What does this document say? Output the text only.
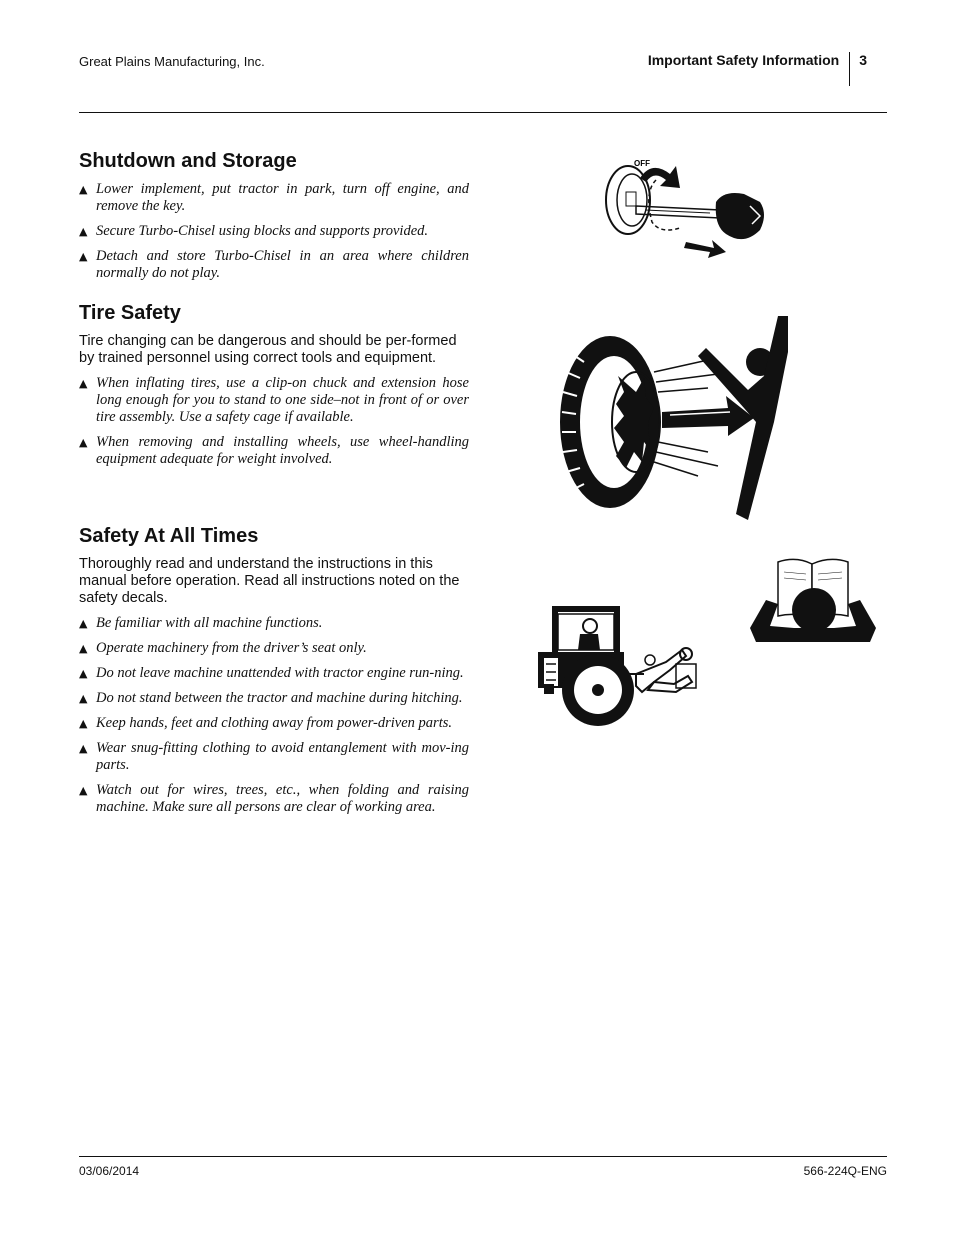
Great Plains Manufacturing, Inc.	Important Safety Information 3
Shutdown and Storage
▲ Lower implement, put tractor in park, turn off engine, and remove the key.
▲ Secure Turbo-Chisel using blocks and supports provided.
▲ Detach and store Turbo-Chisel in an area where children normally do not play.
Tire Safety

Tire changing can be dangerous and should be per-formed by trained personnel using correct tools and equipment.

▲ When inflating tires, use a clip-on chuck and extension hose long enough for you to stand to one side–not in front of or over tire assembly. Use a safety cage if available.
▲ When removing and installing wheels, use wheel-handling equipment adequate for weight involved.
Safety At All Times

Thoroughly read and understand the instructions in this manual before operation. Read all instructions noted on the safety decals.

▲ Be familiar with all machine functions.
▲ Operate machinery from the driver’s seat only.
▲ Do not leave machine unattended with tractor engine run-ning.
▲ Do not stand between the tractor and machine during hitching.
▲ Keep hands, feet and clothing away from power-driven parts.
▲ Wear snug-fitting clothing to avoid entanglement with mov-ing parts.
▲ Watch out for wires, trees, etc., when folding and raising machine. Make sure all persons are clear of working area.
OFF
03/06/2014	566-224Q-ENG
